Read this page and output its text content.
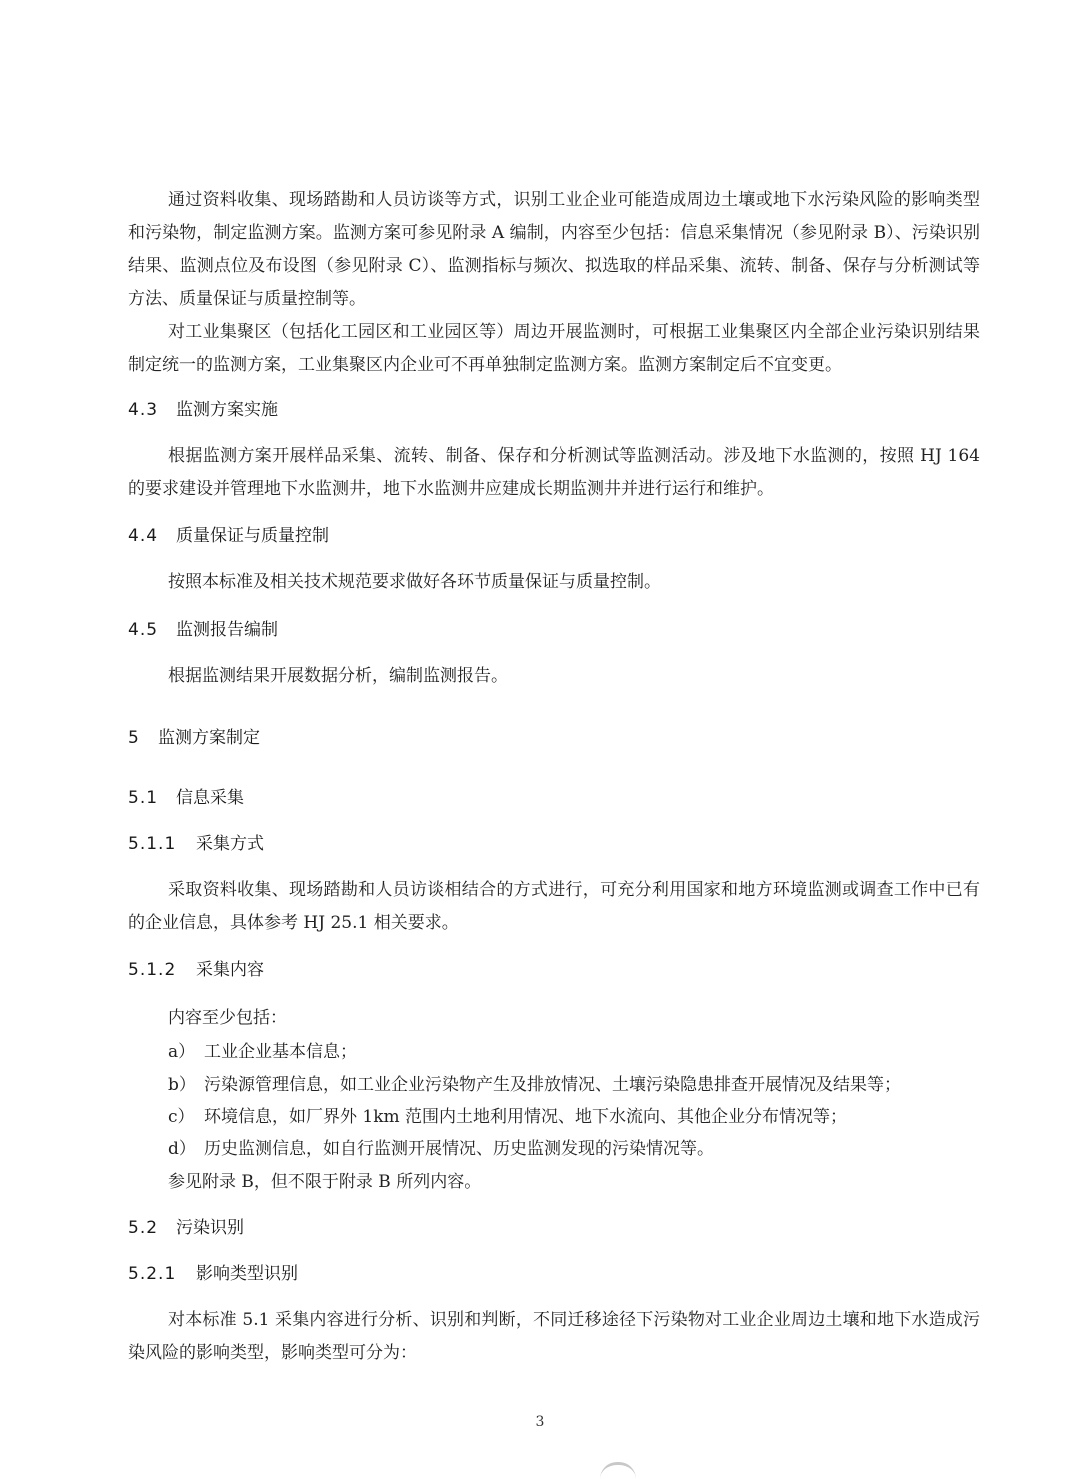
通过资料收集、现场踏勘和人员访谈等方式，识别工业企业可能造成周边土壤或地下水污染风险的影响类型和污染物，制定监测方案。监测方案可参见附录 A 编制，内容至少包括：信息采集情况（参见附录 B）、污染识别结果、监测点位及布设图（参见附录 C）、监测指标与频次、拟选取的样品采集、流转、制备、保存与分析测试等方法、质量保证与质量控制等。
对工业集聚区（包括化工园区和工业园区等）周边开展监测时，可根据工业集聚区内全部企业污染识别结果制定统一的监测方案，工业集聚区内企业可不再单独制定监测方案。监测方案制定后不宜变更。
4.3 监测方案实施
根据监测方案开展样品采集、流转、制备、保存和分析测试等监测活动。涉及地下水监测的，按照 HJ 164 的要求建设并管理地下水监测井，地下水监测井应建成长期监测井并进行运行和维护。
4.4 质量保证与质量控制
按照本标准及相关技术规范要求做好各环节质量保证与质量控制。
4.5 监测报告编制
根据监测结果开展数据分析，编制监测报告。
5 监测方案制定
5.1 信息采集
5.1.1 采集方式
采取资料收集、现场踏勘和人员访谈相结合的方式进行，可充分利用国家和地方环境监测或调查工作中已有的企业信息，具体参考 HJ 25.1 相关要求。
5.1.2 采集内容
内容至少包括：
a） 工业企业基本信息；
b） 污染源管理信息，如工业企业污染物产生及排放情况、土壤污染隐患排查开展情况及结果等；
c） 环境信息，如厂界外 1km 范围内土地利用情况、地下水流向、其他企业分布情况等；
d） 历史监测信息，如自行监测开展情况、历史监测发现的污染情况等。
参见附录 B，但不限于附录 B 所列内容。
5.2 污染识别
5.2.1 影响类型识别
对本标准 5.1 采集内容进行分析、识别和判断，不同迁移途径下污染物对工业企业周边土壤和地下水造成污染风险的影响类型，影响类型可分为：
3
